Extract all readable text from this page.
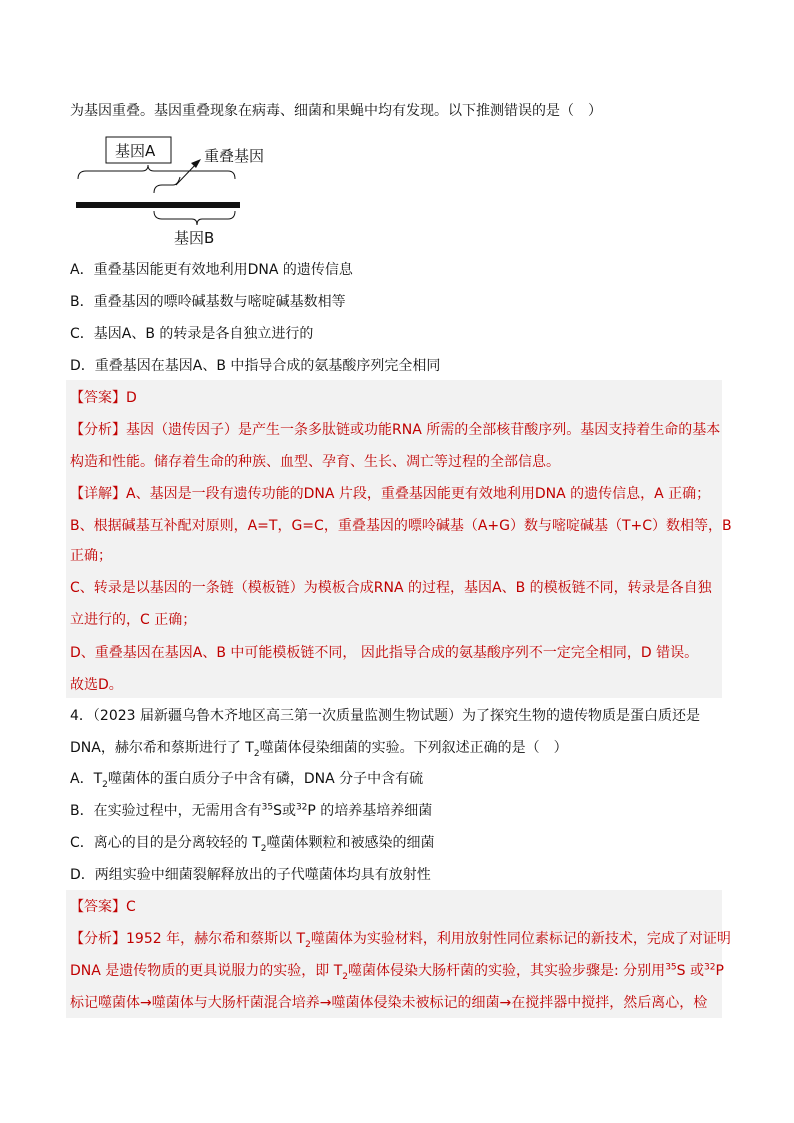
为基因重叠。基因重叠现象在病毒、细菌和果蝇中均有发现。以下推测错误的是（　）
基因A	重叠基因
基因B
A．重叠基因能更有效地利用DNA 的遗传信息
B．重叠基因的嘌呤碱基数与嘧啶碱基数相等
C．基因A、B 的转录是各自独立进行的
D．重叠基因在基因A、B 中指导合成的氨基酸序列完全相同
【答案】D
【分析】基因（遗传因子）是产生一条多肽链或功能RNA 所需的全部核苷酸序列。基因支持着生命的基本
构造和性能。储存着生命的种族、血型、孕育、生长、凋亡等过程的全部信息。
【详解】A、基因是一段有遗传功能的DNA 片段，重叠基因能更有效地利用DNA 的遗传信息，A 正确；
B、根据碱基互补配对原则，A=T，G=C，重叠基因的嘌呤碱基（A+G）数与嘧啶碱基（T+C）数相等，B
正确；
C、转录是以基因的一条链（模板链）为模板合成RNA 的过程，基因A、B 的模板链不同，转录是各自独
立进行的，C 正确；
D、重叠基因在基因A、B 中可能模板链不同， 因此指导合成的氨基酸序列不一定完全相同，D 错误。
故选D。
4．（2023 届新疆乌鲁木齐地区高三第一次质量监测生物试题）为了探究生物的遗传物质是蛋白质还是
DNA，赫尔希和蔡斯进行了 $T_2$噬菌体侵染细菌的实验。下列叙述正确的是（　）
A．$T_2$噬菌体的蛋白质分子中含有磷，DNA 分子中含有硫
B．在实验过程中，无需用含有$^{35}$S或$^{32}$P 的培养基培养细菌
C．离心的目的是分离较轻的 $T_2$噬菌体颗粒和被感染的细菌
D．两组实验中细菌裂解释放出的子代噬菌体均具有放射性
【答案】C
【分析】1952 年，赫尔希和蔡斯以 $T_2$噬菌体为实验材料，利用放射性同位素标记的新技术，完成了对证明
DNA 是遗传物质的更具说服力的实验，即 $T_2$噬菌体侵染大肠杆菌的实验，其实验步骤是: 分别用$^{35}$S 或$^{32}$P
标记噬菌体→噬菌体与大肠杆菌混合培养→噬菌体侵染未被标记的细菌→在搅拌器中搅拌，然后离心，检
